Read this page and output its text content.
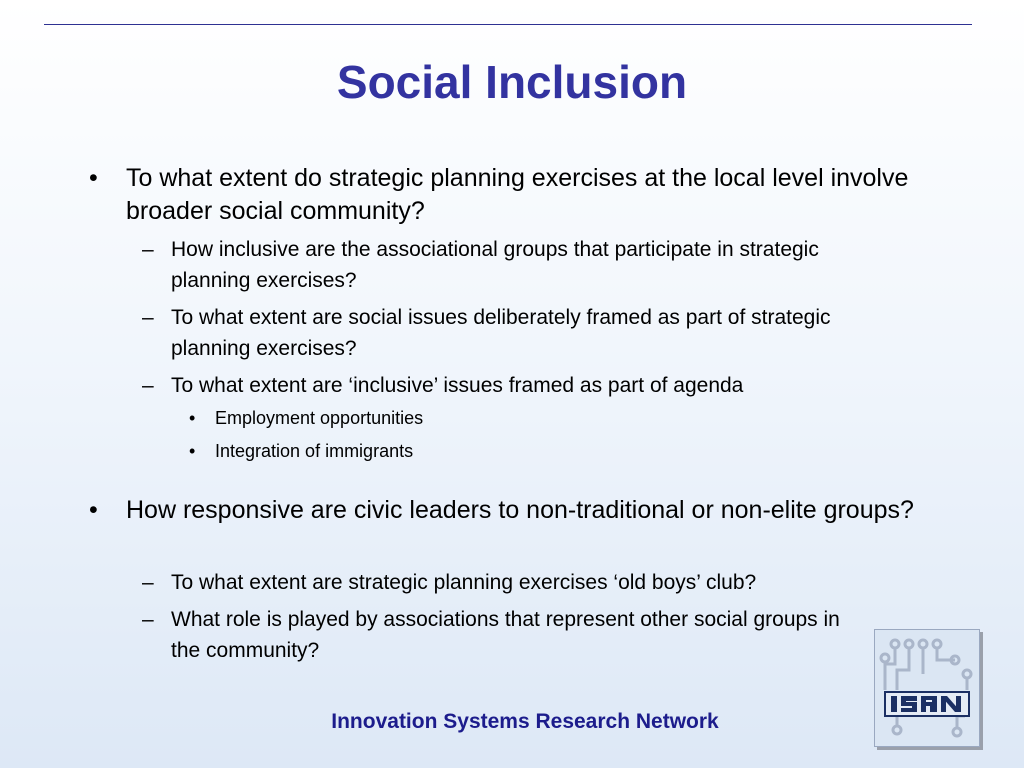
Social Inclusion
• To what extent do strategic planning exercises at the local level involve broader social community?
– How inclusive are the associational groups that participate in strategic planning exercises?
– To what extent are social issues deliberately framed as part of strategic planning exercises?
– To what extent are ‘inclusive’ issues framed as part of agenda
• Employment opportunities
• Integration of immigrants
• How responsive are civic leaders to non-traditional or non-elite groups?
– To what extent are strategic planning exercises ‘old boys’ club?
– What role is played by associations that represent other social groups in the community?
Innovation Systems Research Network
